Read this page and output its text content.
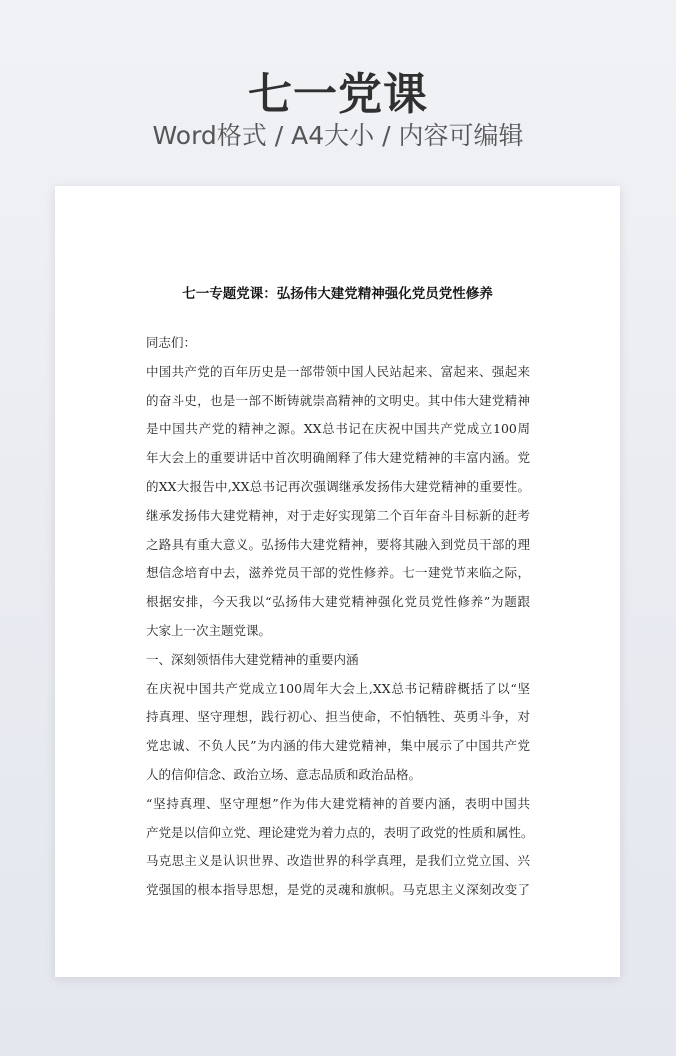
七一党课
Word格式 / A4大小 / 内容可编辑
七一专题党课：弘扬伟大建党精神强化党员党性修养
同志们：
中国共产党的百年历史是一部带领中国人民站起来、富起来、强起来
的奋斗史，也是一部不断铸就崇高精神的文明史。其中伟大建党精神
是中国共产党的精神之源。XX总书记在庆祝中国共产党成立100周
年大会上的重要讲话中首次明确阐释了伟大建党精神的丰富内涵。党
的XX大报告中,XX总书记再次强调继承发扬伟大建党精神的重要性。
继承发扬伟大建党精神，对于走好实现第二个百年奋斗目标新的赶考
之路具有重大意义。弘扬伟大建党精神，要将其融入到党员干部的理
想信念培育中去，滋养党员干部的党性修养。七一建党节来临之际，
根据安排，今天我以“弘扬伟大建党精神强化党员党性修养”为题跟
大家上一次主题党课。
一、深刻领悟伟大建党精神的重要内涵
在庆祝中国共产党成立100周年大会上,XX总书记精辟概括了以“坚
持真理、坚守理想，践行初心、担当使命，不怕牺牲、英勇斗争，对
党忠诚、不负人民”为内涵的伟大建党精神，集中展示了中国共产党
人的信仰信念、政治立场、意志品质和政治品格。
“坚持真理、坚守理想”作为伟大建党精神的首要内涵，表明中国共
产党是以信仰立党、理论建党为着力点的，表明了政党的性质和属性。
马克思主义是认识世界、改造世界的科学真理，是我们立党立国、兴
党强国的根本指导思想，是党的灵魂和旗帜。马克思主义深刻改变了
